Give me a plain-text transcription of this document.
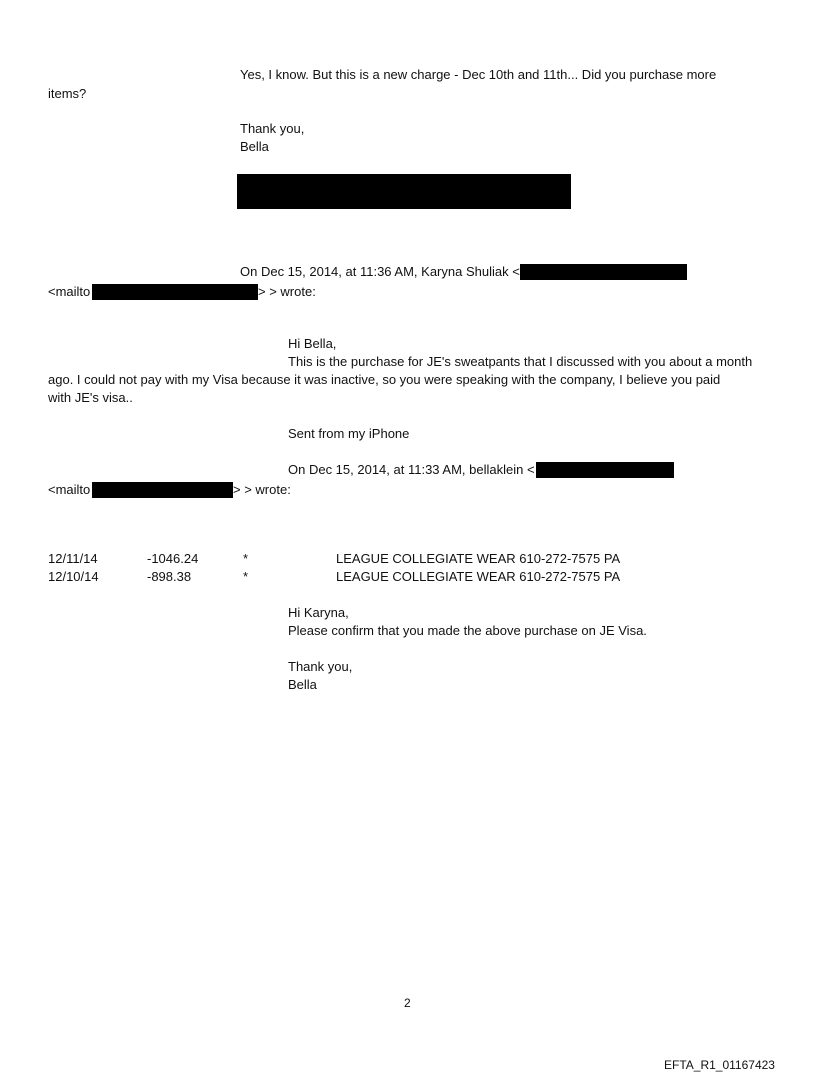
Yes, I know. But this is a new charge - Dec 10th and 11th... Did you purchase more
items?
Thank you,
Bella
On Dec 15, 2014, at 11:36 AM, Karyna Shuliak <
<mailto	> > wrote:
Hi Bella,
This is the purchase for JE's sweatpants that I discussed with you about a month
ago. I could not pay with my Visa because it was inactive, so you were speaking with the company, I believe you paid
with JE's visa..
Sent from my iPhone
On Dec 15, 2014, at 11:33 AM, bellaklein <
<mailto	> > wrote:
12/11/14	-1046.24	*	LEAGUE COLLEGIATE WEAR 610-272-7575 PA
12/10/14	-898.38	*	LEAGUE COLLEGIATE WEAR 610-272-7575 PA
Hi Karyna,
Please confirm that you made the above purchase on JE Visa.
Thank you,
Bella
2
EFTA_R1_01167423
